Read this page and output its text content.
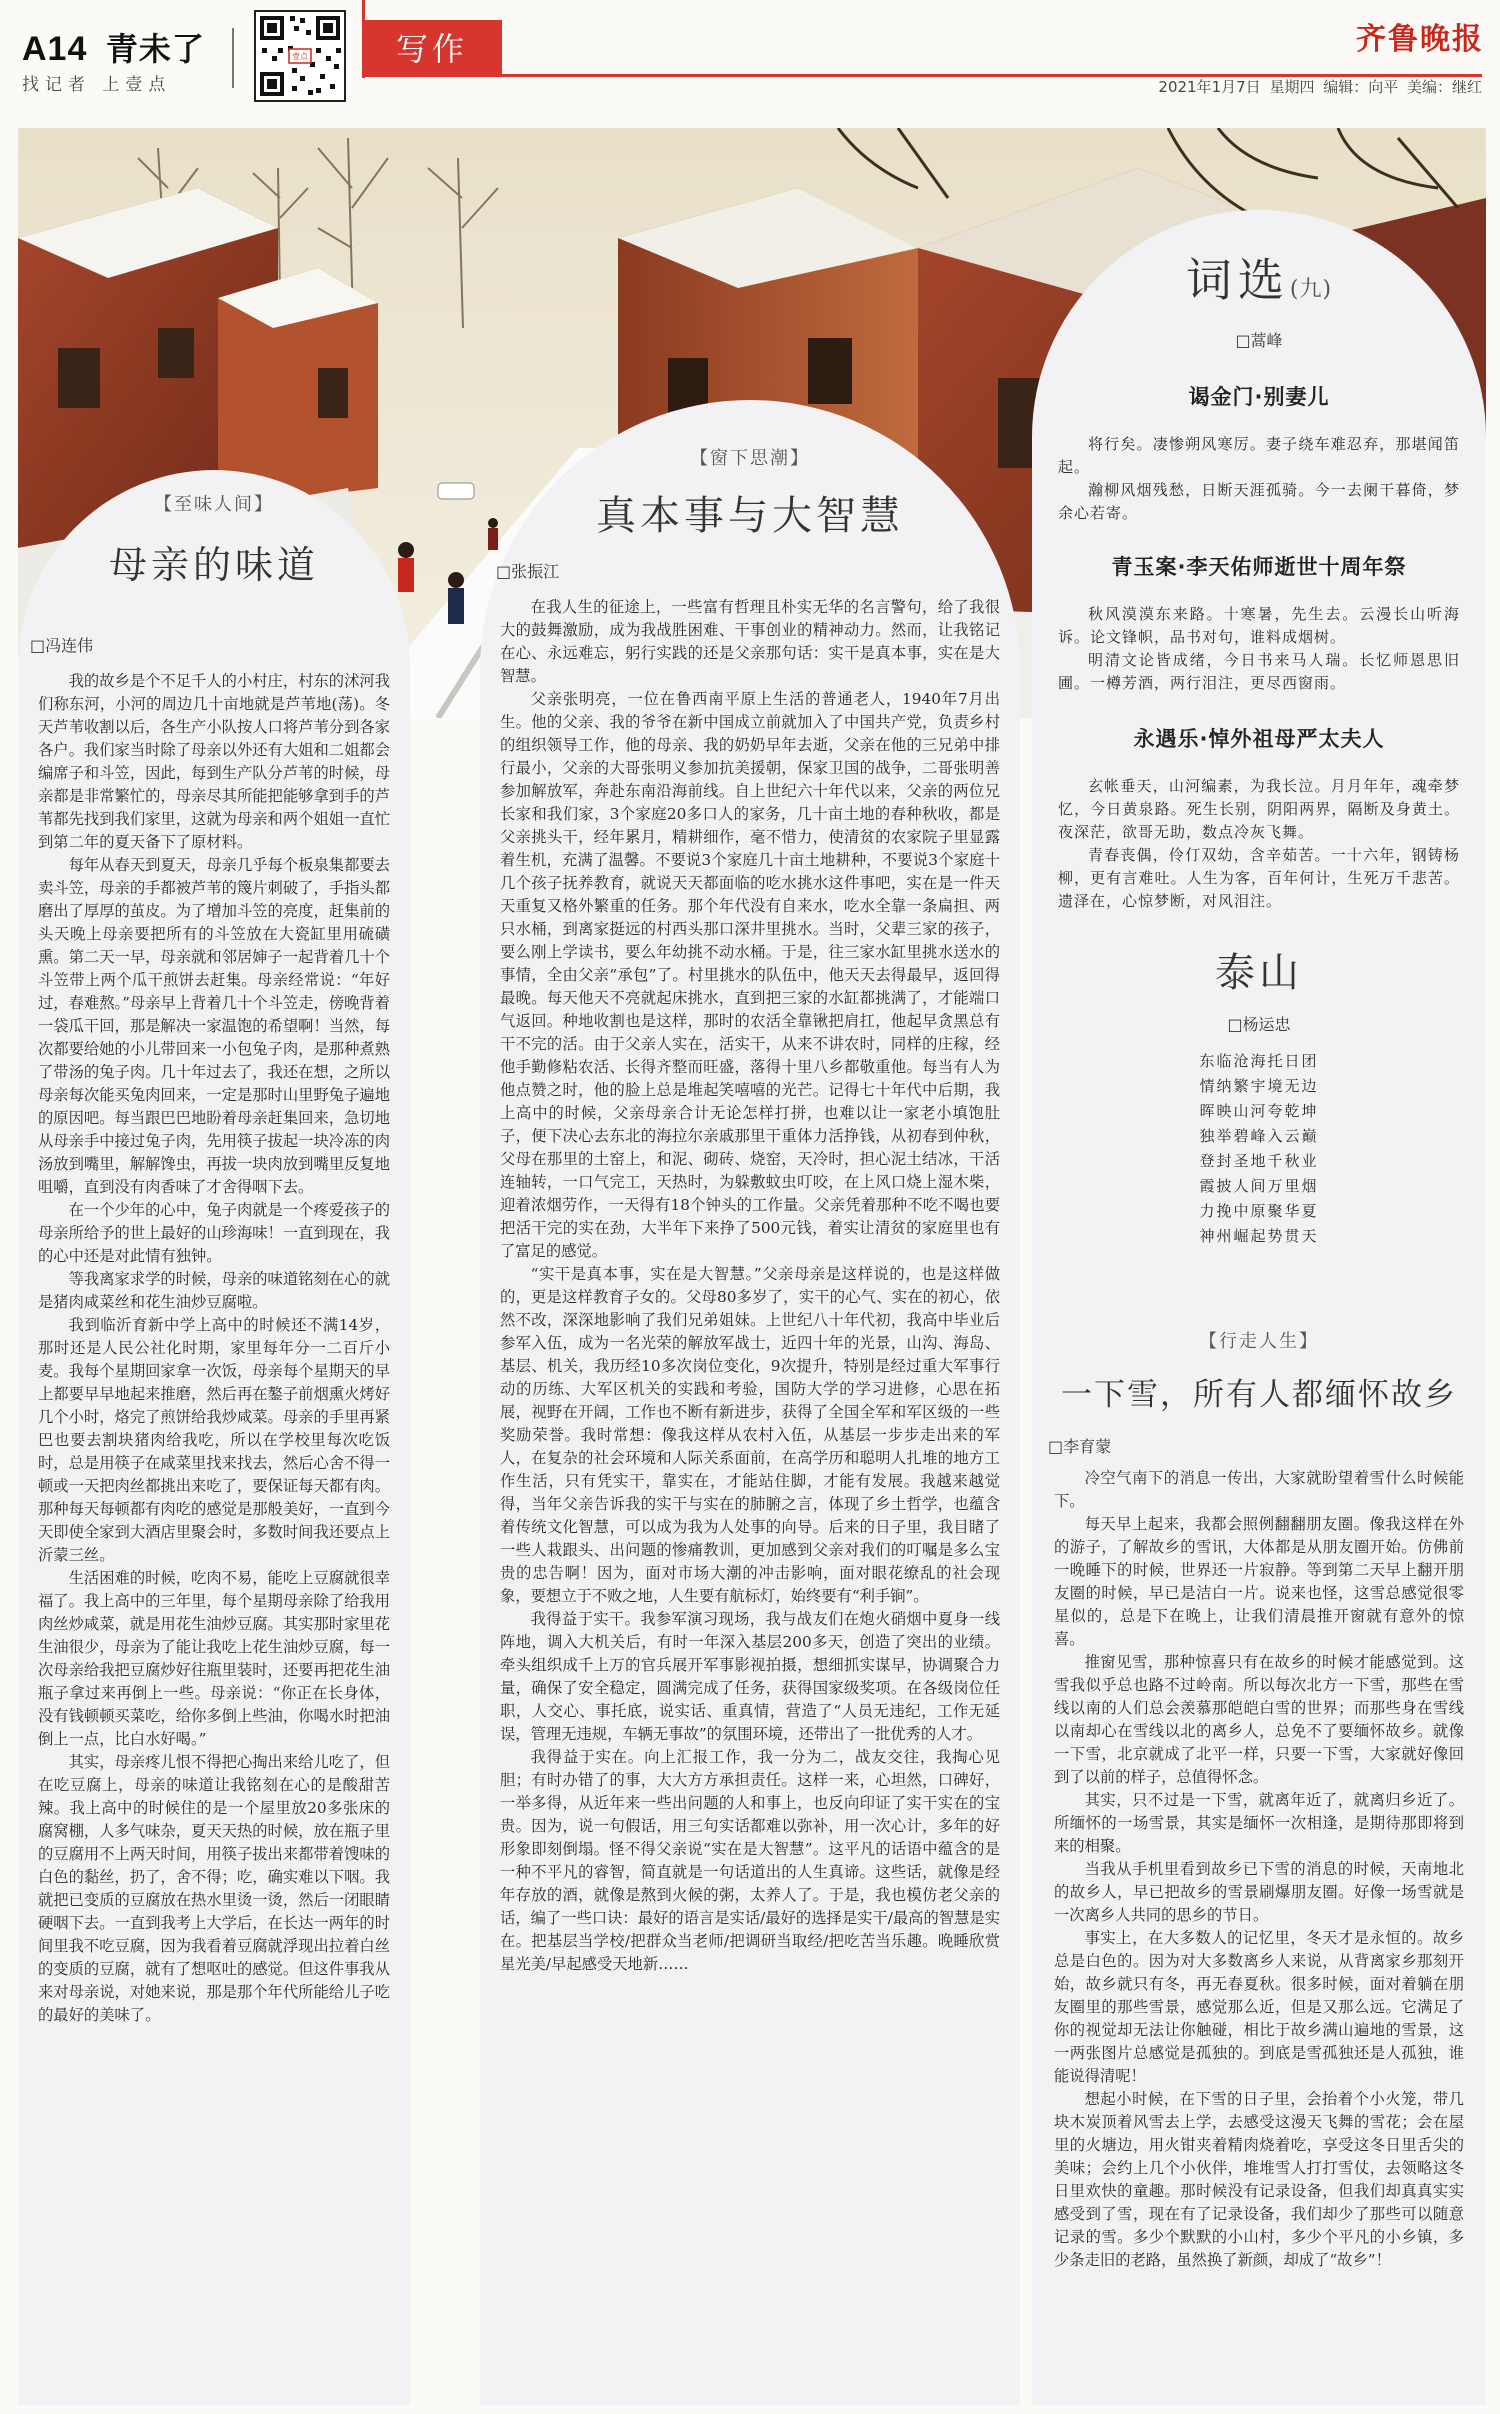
A14 青未了
找记者 上壹点
壹点	写作	齐鲁晚报
2021年1月7日 星期四 编辑：向平 美编：继红
【至味人间】
母亲的味道
□冯连伟

我的故乡是个不足千人的小村庄，村东的沭河我们称东河，小河的周边几十亩地就是芦苇地(荡)。冬天芦苇收割以后，各生产小队按人口将芦苇分到各家各户。我们家当时除了母亲以外还有大姐和二姐都会编席子和斗笠，因此，每到生产队分芦苇的时候，母亲都是非常繁忙的，母亲尽其所能把能够拿到手的芦苇都先找到我们家里，这就为母亲和两个姐姐一直忙到第二年的夏天备下了原材料。

每年从春天到夏天，母亲几乎每个板泉集都要去卖斗笠，母亲的手都被芦苇的篾片刺破了，手指头都磨出了厚厚的茧皮。为了增加斗笠的亮度，赶集前的头天晚上母亲要把所有的斗笠放在大瓷缸里用硫磺熏。第二天一早，母亲就和邻居婶子一起背着几十个斗笠带上两个瓜干煎饼去赶集。母亲经常说：“年好过，春难熬。”母亲早上背着几十个斗笠走，傍晚背着一袋瓜干回，那是解决一家温饱的希望啊！当然，每次都要给她的小儿带回来一小包兔子肉，是那种煮熟了带汤的兔子肉。几十年过去了，我还在想，之所以母亲每次能买兔肉回来，一定是那时山里野兔子遍地的原因吧。每当跟巴巴地盼着母亲赶集回来，急切地从母亲手中接过兔子肉，先用筷子拔起一块冷冻的肉汤放到嘴里，解解馋虫，再拔一块肉放到嘴里反复地咀嚼，直到没有肉香味了才舍得咽下去。

在一个少年的心中，兔子肉就是一个疼爱孩子的母亲所给予的世上最好的山珍海味！一直到现在，我的心中还是对此情有独钟。

等我离家求学的时候，母亲的味道铭刻在心的就是猪肉咸菜丝和花生油炒豆腐啦。

我到临沂育新中学上高中的时候还不满14岁，那时还是人民公社化时期，家里每年分一二百斤小麦。我每个星期回家拿一次饭，母亲每个星期天的早上都要早早地起来推磨，然后再在鏊子前烟熏火烤好几个小时，烙完了煎饼给我炒咸菜。母亲的手里再紧巴也要去割块猪肉给我吃，所以在学校里每次吃饭时，总是用筷子在咸菜里找来找去，然后心舍不得一顿或一天把肉丝都挑出来吃了，要保证每天都有肉。那种每天每顿都有肉吃的感觉是那般美好，一直到今天即使全家到大酒店里聚会时，多数时间我还要点上沂蒙三丝。

生活困难的时候，吃肉不易，能吃上豆腐就很幸福了。我上高中的三年里，每个星期母亲除了给我用肉丝炒咸菜，就是用花生油炒豆腐。其实那时家里花生油很少，母亲为了能让我吃上花生油炒豆腐，每一次母亲给我把豆腐炒好往瓶里装时，还要再把花生油瓶子拿过来再倒上一些。母亲说：“你正在长身体，没有钱顿顿买菜吃，给你多倒上些油，你喝水时把油倒上一点，比白水好喝。”

其实，母亲疼儿恨不得把心掏出来给儿吃了，但在吃豆腐上，母亲的味道让我铭刻在心的是酸甜苦辣。我上高中的时候住的是一个屋里放20多张床的腐窝棚，人多气味杂，夏天天热的时候，放在瓶子里的豆腐用不上两天时间，用筷子拔出来都带着馊味的白色的黏丝，扔了，舍不得；吃，确实难以下咽。我就把已变质的豆腐放在热水里烫一烫，然后一闭眼睛硬咽下去。一直到我考上大学后，在长达一两年的时间里我不吃豆腐，因为我看着豆腐就浮现出拉着白丝的变质的豆腐，就有了想呕吐的感觉。但这件事我从来对母亲说，对她来说，那是那个年代所能给儿子吃的最好的美味了。

【窗下思潮】
真本事与大智慧
□张振江

在我人生的征途上，一些富有哲理且朴实无华的名言警句，给了我很大的鼓舞激励，成为我战胜困难、干事创业的精神动力。然而，让我铭记在心、永远难忘，躬行实践的还是父亲那句话：实干是真本事，实在是大智慧。

父亲张明亮，一位在鲁西南平原上生活的普通老人，1940年7月出生。他的父亲、我的爷爷在新中国成立前就加入了中国共产党，负责乡村的组织领导工作，他的母亲、我的奶奶早年去逝，父亲在他的三兄弟中排行最小，父亲的大哥张明义参加抗美援朝，保家卫国的战争，二哥张明善参加解放军，奔赴东南沿海前线。自上世纪六十年代以来，父亲的两位兄长家和我们家，3个家庭20多口人的家务，几十亩土地的春种秋收，都是父亲挑头干，经年累月，精耕细作，毫不惜力，使清贫的农家院子里显露着生机，充满了温馨。不要说3个家庭几十亩土地耕种，不要说3个家庭十几个孩子抚养教育，就说天天都面临的吃水挑水这件事吧，实在是一件天天重复又格外繁重的任务。那个年代没有自来水，吃水全靠一条扁担、两只水桶，到离家挺远的村西头那口深井里挑水。当时，父辈三家的孩子，要么刚上学读书，要么年幼挑不动水桶。于是，往三家水缸里挑水送水的事情，全由父亲“承包”了。村里挑水的队伍中，他天天去得最早，返回得最晚。每天他天不亮就起床挑水，直到把三家的水缸都挑满了，才能端口气返回。种地收割也是这样，那时的农活全靠锹把肩扛，他起早贪黑总有干不完的活。由于父亲人实在，活实干，从来不讲农时，同样的庄稼，经他手勤修粘农活、长得齐整而旺盛，落得十里八乡都敬重他。每当有人为他点赞之时，他的脸上总是堆起笑嘻嘻的光芒。记得七十年代中后期，我上高中的时候，父亲母亲合计无论怎样打拼，也难以让一家老小填饱肚子，便下决心去东北的海拉尔亲戚那里干重体力活挣钱，从初春到仲秋，父母在那里的土窑上，和泥、砌砖、烧窑，天冷时，担心泥土结冰，干活连轴转，一口气完工，天热时，为躲敷蚊虫叮咬，在上风口烧上湿木柴，迎着浓烟劳作，一天得有18个钟头的工作量。父亲凭着那种不吃不喝也要把活干完的实在劲，大半年下来挣了500元钱，着实让清贫的家庭里也有了富足的感觉。

“实干是真本事，实在是大智慧。”父亲母亲是这样说的，也是这样做的，更是这样教育子女的。父母80多岁了，实干的心气、实在的初心，依然不改，深深地影响了我们兄弟姐妹。上世纪八十年代初，我高中毕业后参军入伍，成为一名光荣的解放军战士，近四十年的光景，山沟、海岛、基层、机关，我历经10多次岗位变化，9次提升，特别是经过重大军事行动的历练、大军区机关的实践和考验，国防大学的学习进修，心思在拓展，视野在开阔，工作也不断有新进步，获得了全国全军和军区级的一些奖励荣誉。我时常想：像我这样从农村入伍，从基层一步步走出来的军人，在复杂的社会环境和人际关系面前，在高学历和聪明人扎堆的地方工作生活，只有凭实干，靠实在，才能站住脚，才能有发展。我越来越觉得，当年父亲告诉我的实干与实在的肺腑之言，体现了乡土哲学，也蕴含着传统文化智慧，可以成为我为人处事的向导。后来的日子里，我目睹了一些人栽跟头、出问题的惨痛教训，更加感到父亲对我们的叮嘱是多么宝贵的忠告啊！因为，面对市场大潮的冲击影响，面对眼花缭乱的社会现象，要想立于不败之地，人生要有航标灯，始终要有“利手锏”。

我得益于实干。我参军演习现场，我与战友们在炮火硝烟中夏身一线阵地，调入大机关后，有时一年深入基层200多天，创造了突出的业绩。牵头组织成千上万的官兵展开军事影视拍摄，想细抓实谋早，协调聚合力量，确保了安全稳定，圆满完成了任务，获得国家级奖项。在各级岗位任职，人交心、事托底，说实话、重真情，营造了“人员无违纪，工作无延误，管理无违规，车辆无事故”的氛围环境，还带出了一批优秀的人才。

我得益于实在。向上汇报工作，我一分为二，战友交往，我掏心见胆；有时办错了的事，大大方方承担责任。这样一来，心坦然，口碑好，一举多得，从近年来一些出问题的人和事上，也反向印证了实干实在的宝贵。因为，说一句假话，用三句实话都难以弥补，用一次心计，多年的好形象即刻倒塌。怪不得父亲说“实在是大智慧”。这平凡的话语中蕴含的是一种不平凡的睿智，简直就是一句话道出的人生真谛。这些话，就像是经年存放的酒，就像是熬到火候的粥，太养人了。于是，我也模仿老父亲的话，编了一些口诀：最好的语言是实话/最好的选择是实干/最高的智慧是实在。把基层当学校/把群众当老师/把调研当取经/把吃苦当乐趣。晚睡欣赏星光美/早起感受天地新……

词选(九)
□蒿峰
谒金门·别妻儿

将行矣。凄惨朔风寒厉。妻子绕车难忍弃，那堪闻笛起。

瀚柳风烟残愁，日断天涯孤骑。今一去阑干暮倚，梦余心若寄。

青玉案·李天佑师逝世十周年祭

秋风漠漠东来路。十寒暑，先生去。云漫长山听海诉。论文锋帜，品书对句，谁料成烟树。

明清文论皆成绪，今日书来马人瑞。长忆师恩思旧圃。一樽芳酒，两行泪注，更尽西窗雨。

永遇乐·悼外祖母严太夫人

玄帐垂天，山河编素，为我长泣。月月年年，魂牵梦忆，今日黄泉路。死生长别，阴阳两界，隔断及身黄土。夜深茫，欲哥无助，数点冷灰飞舞。

青春丧偶，伶仃双幼，含辛茹苦。一十六年，钢铸杨柳，更有言难吐。人生为客，百年何计，生死万千悲苦。遗泽在，心惊梦断，对风泪注。

泰山
□杨运忠
东临沧海托日团
情纳繁宇境无边
晖映山河夸乾坤
独举碧峰入云巅
登封圣地千秋业
霞披人间万里烟
力挽中原聚华夏
神州崛起势贯天
【行走人生】
一下雪，所有人都缅怀故乡
□李育蒙

冷空气南下的消息一传出，大家就盼望着雪什么时候能下。

每天早上起来，我都会照例翻翻朋友圈。像我这样在外的游子，了解故乡的雪讯，大体都是从朋友圈开始。仿佛前一晚睡下的时候，世界还一片寂静。等到第二天早上翻开朋友圈的时候，早已是洁白一片。说来也怪，这雪总感觉很零星似的，总是下在晚上，让我们清晨推开窗就有意外的惊喜。

推窗见雪，那种惊喜只有在故乡的时候才能感觉到。这雪我似乎总也路不过岭南。所以每次北方一下雪，那些在雪线以南的人们总会羡慕那皑皑白雪的世界；而那些身在雪线以南却心在雪线以北的离乡人，总免不了要缅怀故乡。就像一下雪，北京就成了北平一样，只要一下雪，大家就好像回到了以前的样子，总值得怀念。

其实，只不过是一下雪，就离年近了，就离归乡近了。所缅怀的一场雪景，其实是缅怀一次相逢，是期待那即将到来的相聚。

当我从手机里看到故乡已下雪的消息的时候，天南地北的故乡人，早已把故乡的雪景刷爆朋友圈。好像一场雪就是一次离乡人共同的思乡的节日。

事实上，在大多数人的记忆里，冬天才是永恒的。故乡总是白色的。因为对大多数离乡人来说，从背离家乡那刻开始，故乡就只有冬，再无春夏秋。很多时候，面对着躺在朋友圈里的那些雪景，感觉那么近，但是又那么远。它满足了你的视觉却无法让你触碰，相比于故乡满山遍地的雪景，这一两张图片总感觉是孤独的。到底是雪孤独还是人孤独，谁能说得清呢！

想起小时候，在下雪的日子里，会抬着个小火笼，带几块木炭顶着风雪去上学，去感受这漫天飞舞的雪花；会在屋里的火塘边，用火钳夹着精肉烧着吃，享受这冬日里舌尖的美味；会约上几个小伙伴，堆堆雪人打打雪仗，去领略这冬日里欢快的童趣。那时候没有记录设备，但我们却真真实实感受到了雪，现在有了记录设备，我们却少了那些可以随意记录的雪。多少个默默的小山村，多少个平凡的小乡镇，多少条走旧的老路，虽然换了新颜，却成了“故乡”！
